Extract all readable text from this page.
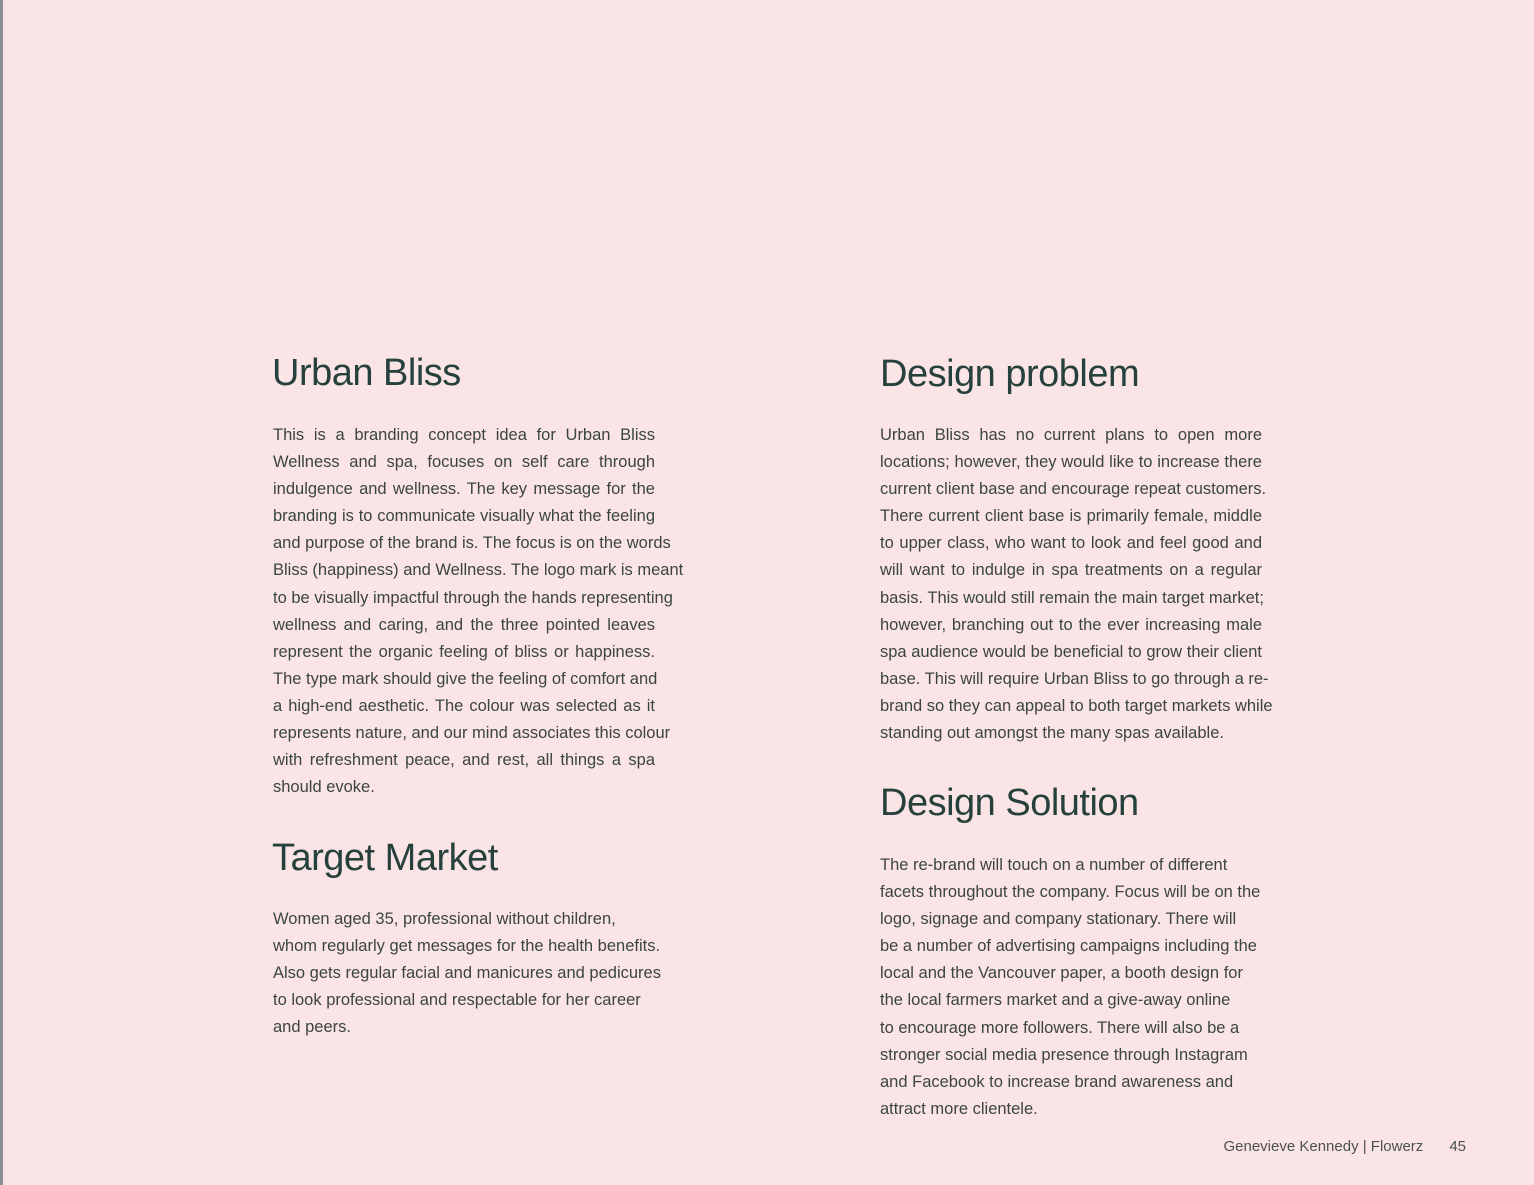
Urban Bliss
This is a branding concept idea for Urban Bliss
Wellness and spa, focuses on self care through
indulgence and wellness. The key message for the
branding is to communicate visually what the feeling
and purpose of the brand is. The focus is on the words
Bliss (happiness) and Wellness. The logo mark is meant
to be visually impactful through the hands representing
wellness and caring, and the three pointed leaves
represent the organic feeling of bliss or happiness.
The type mark should give the feeling of comfort and
a high-end aesthetic. The colour was selected as it
represents nature, and our mind associates this colour
with refreshment peace, and rest, all things a spa
should evoke.
Target Market
Women aged 35, professional without children,
whom regularly get messages for the health benefits.
Also gets regular facial and manicures and pedicures
to look professional and respectable for her career
and peers.
Design problem
Urban Bliss has no current plans to open more
locations; however, they would like to increase there
current client base and encourage repeat customers.
There current client base is primarily female, middle
to upper class, who want to look and feel good and
will want to indulge in spa treatments on a regular
basis. This would still remain the main target market;
however, branching out to the ever increasing male
spa audience would be beneficial to grow their client
base. This will require Urban Bliss to go through a re-
brand so they can appeal to both target markets while
standing out amongst the many spas available.
Design Solution
The re-brand will touch on a number of different
facets throughout the company. Focus will be on the
logo, signage and company stationary. There will
be a number of advertising campaigns including the
local and the Vancouver paper, a booth design for
the local farmers market and a give-away online
to encourage more followers. There will also be a
stronger social media presence through Instagram
and Facebook to increase brand awareness and
attract more clientele.
Genevieve Kennedy | Flowerz 45
